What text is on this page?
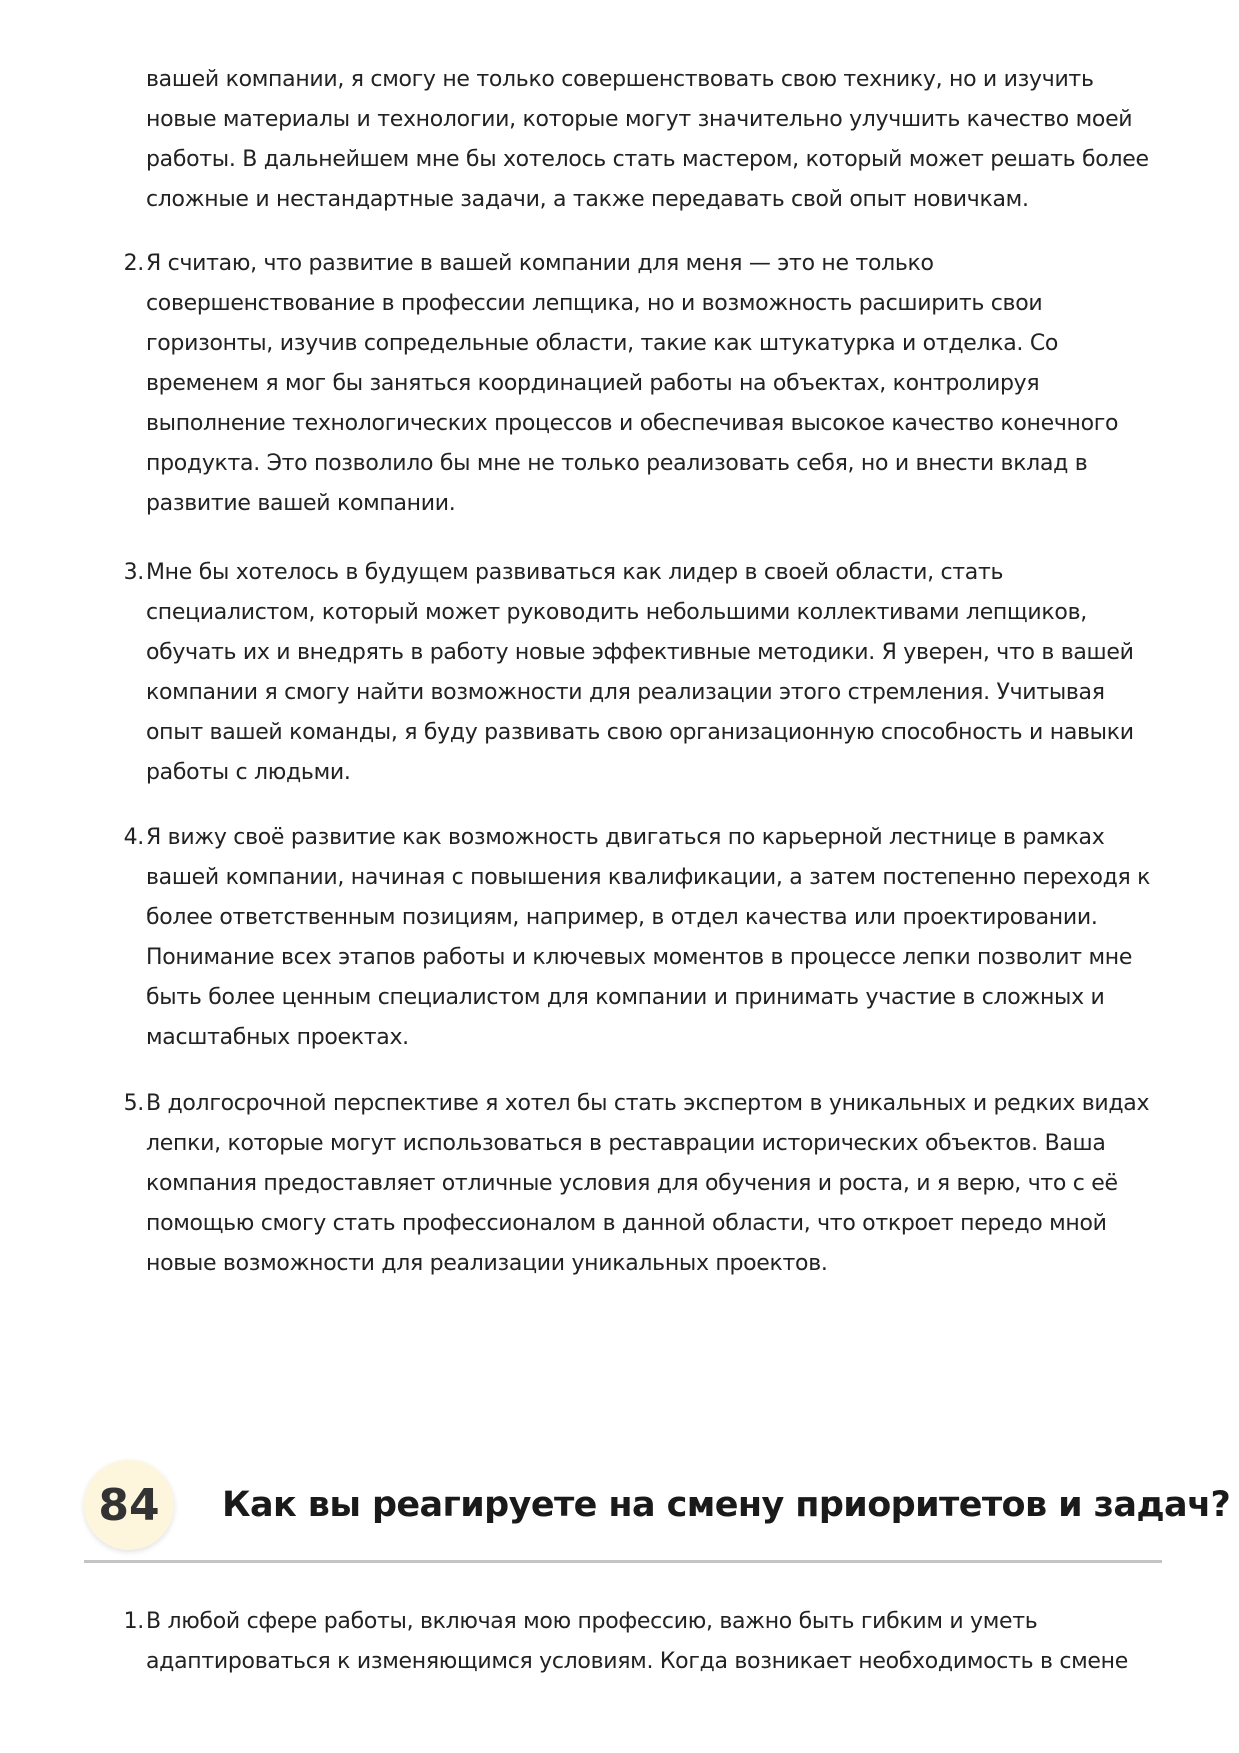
вашей компании, я смогу не только совершенствовать свою технику, но и изучить
новые материалы и технологии, которые могут значительно улучшить качество моей
работы. В дальнейшем мне бы хотелось стать мастером, который может решать более
сложные и нестандартные задачи, а также передавать свой опыт новичкам.
2. Я считаю, что развитие в вашей компании для меня — это не только
совершенствование в профессии лепщика, но и возможность расширить свои
горизонты, изучив сопредельные области, такие как штукатурка и отделка. Со
временем я мог бы заняться координацией работы на объектах, контролируя
выполнение технологических процессов и обеспечивая высокое качество конечного
продукта. Это позволило бы мне не только реализовать себя, но и внести вклад в
развитие вашей компании.
3. Мне бы хотелось в будущем развиваться как лидер в своей области, стать
специалистом, который может руководить небольшими коллективами лепщиков,
обучать их и внедрять в работу новые эффективные методики. Я уверен, что в вашей
компании я смогу найти возможности для реализации этого стремления. Учитывая
опыт вашей команды, я буду развивать свою организационную способность и навыки
работы с людьми.
4. Я вижу своё развитие как возможность двигаться по карьерной лестнице в рамках
вашей компании, начиная с повышения квалификации, а затем постепенно переходя к
более ответственным позициям, например, в отдел качества или проектировании.
Понимание всех этапов работы и ключевых моментов в процессе лепки позволит мне
быть более ценным специалистом для компании и принимать участие в сложных и
масштабных проектах.
5. В долгосрочной перспективе я хотел бы стать экспертом в уникальных и редких видах
лепки, которые могут использоваться в реставрации исторических объектов. Ваша
компания предоставляет отличные условия для обучения и роста, и я верю, что с её
помощью смогу стать профессионалом в данной области, что откроет передо мной
новые возможности для реализации уникальных проектов.
84	Как вы реагируете на смену приоритетов и задач?
1. В любой сфере работы, включая мою профессию, важно быть гибким и уметь
адаптироваться к изменяющимся условиям. Когда возникает необходимость в смене
